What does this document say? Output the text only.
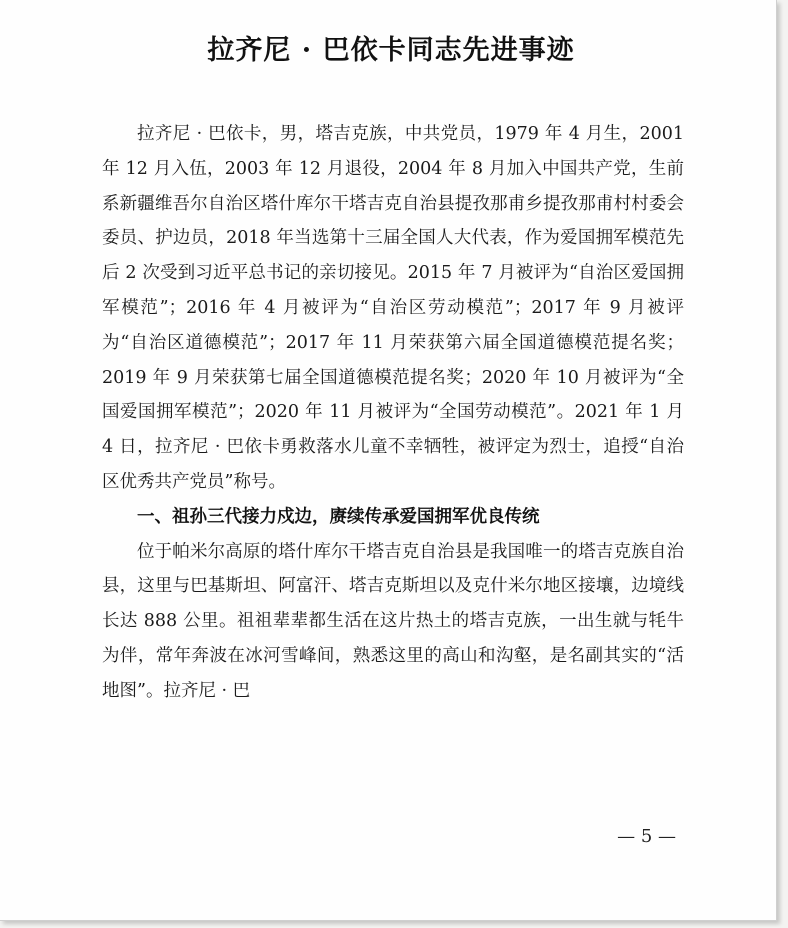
拉齐尼 · 巴依卡同志先进事迹

拉齐尼 · 巴依卡，男，塔吉克族，中共党员，1979 年 4 月生，2001 年 12 月入伍，2003 年 12 月退役，2004 年 8 月加入中国共产党，生前系新疆维吾尔自治区塔什库尔干塔吉克自治县提孜那甫乡提孜那甫村村委会委员、护边员，2018 年当选第十三届全国人大代表，作为爱国拥军模范先后 2 次受到习近平总书记的亲切接见。2015 年 7 月被评为“自治区爱国拥军模范”；2016 年 4 月被评为“自治区劳动模范”；2017 年 9 月被评为“自治区道德模范”；2017 年 11 月荣获第六届全国道德模范提名奖；2019 年 9 月荣获第七届全国道德模范提名奖；2020 年 10 月被评为“全国爱国拥军模范”；2020 年 11 月被评为“全国劳动模范”。2021 年 1 月 4 日，拉齐尼 · 巴依卡勇救落水儿童不幸牺牲，被评定为烈士，追授“自治区优秀共产党员”称号。

一、祖孙三代接力戍边，赓续传承爱国拥军优良传统

位于帕米尔高原的塔什库尔干塔吉克自治县是我国唯一的塔吉克族自治县，这里与巴基斯坦、阿富汗、塔吉克斯坦以及克什米尔地区接壤，边境线长达 888 公里。祖祖辈辈都生活在这片热土的塔吉克族，一出生就与牦牛为伴，常年奔波在冰河雪峰间，熟悉这里的高山和沟壑，是名副其实的“活地图”。拉齐尼 · 巴

— 5 —
